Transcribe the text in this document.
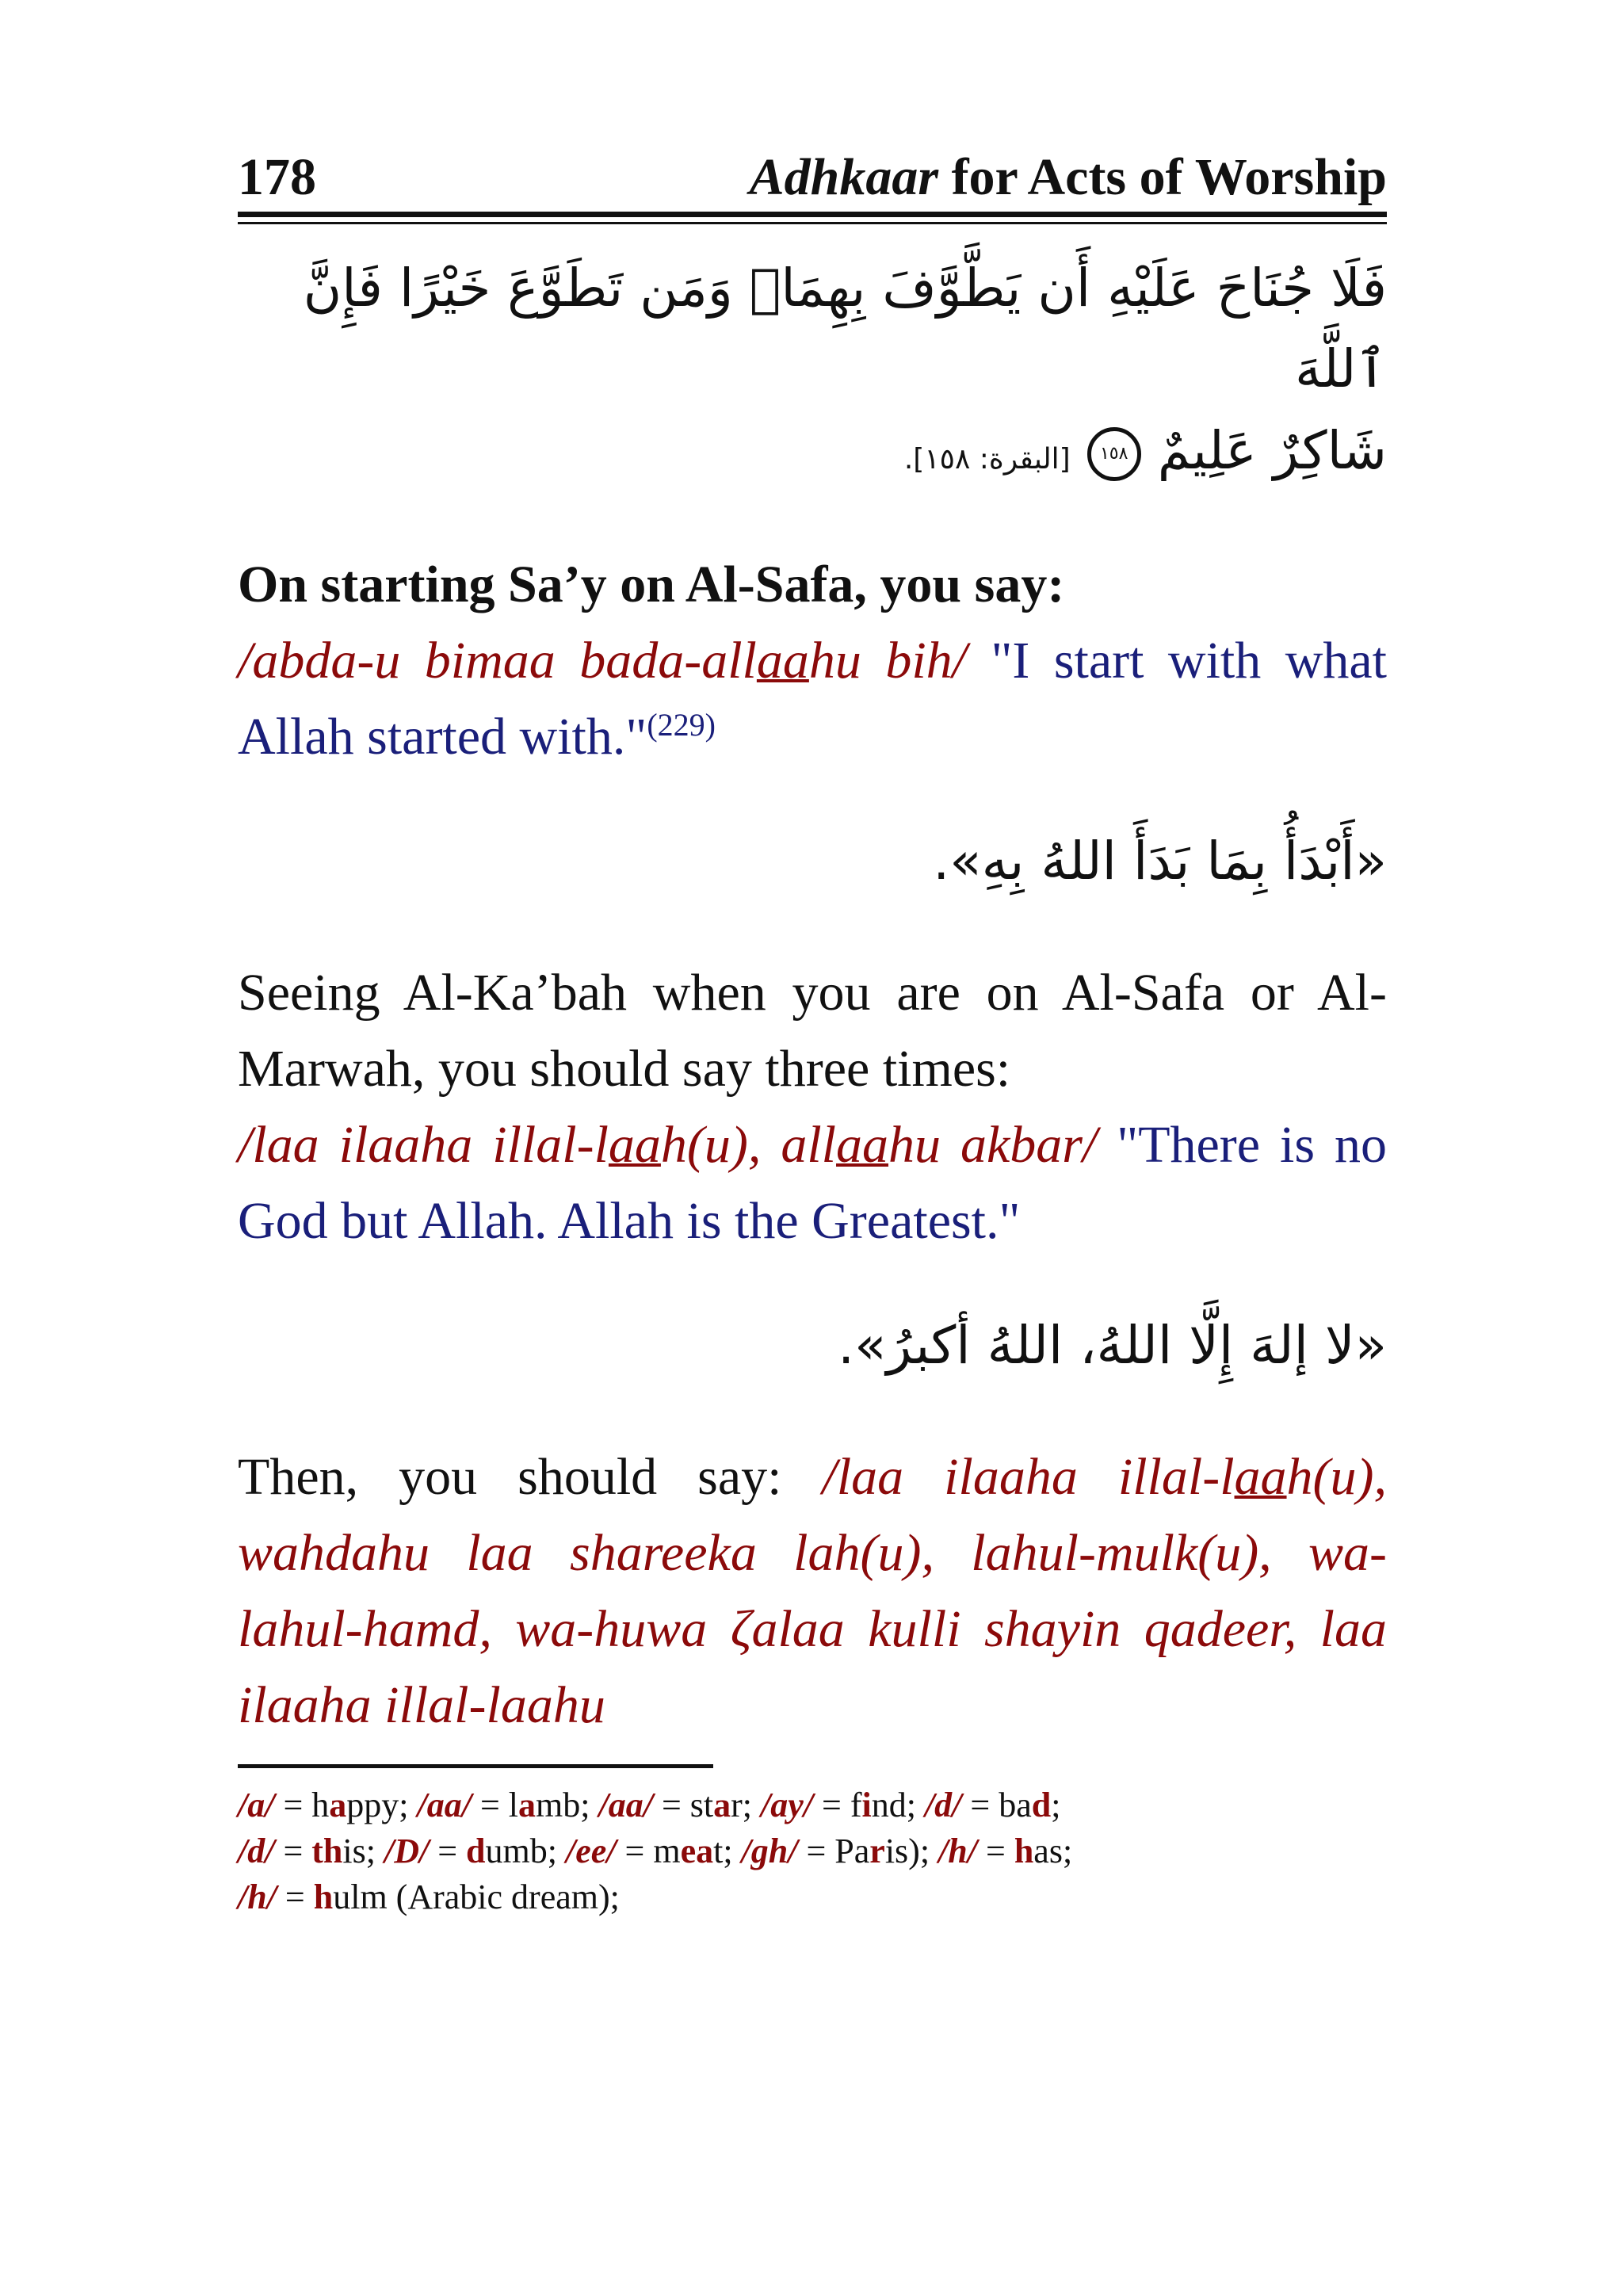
178	Adhkaar for Acts of Worship
فَلَا جُنَاحَ عَلَيْهِ أَن يَطَّوَّفَ بِهِمَاۚ وَمَن تَطَوَّعَ خَيْرًا فَإِنَّ ٱللَّهَ
شَاكِرٌ عَلِيمٌ ١٥٨ [البقرة: ١٥٨].
On starting Sa’y on Al-Safa, you say:
/abda-u bimaa bada-allaahu bih/ "I start with what Allah started with."$^{(229)}$
«أَبْدَأُ بِمَا بَدَأَ اللهُ بِهِ».
Seeing Al-Ka’bah when you are on Al-Safa or Al-Marwah, you should say three times:
/laa ilaaha illal-laah(u), allaahu akbar/ "There is no God but Allah. Allah is the Greatest."
«لا إلهَ إِلَّا اللهُ، اللهُ أكبرُ».
Then, you should say: /laa ilaaha illal-laah(u), wahdahu laa shareeka lah(u), lahul-mulk(u), wa-lahul-hamd, wa-huwa ζalaa kulli shayin qadeer, laa ilaaha illal-laahu
/a/ = happy; /aa/ = lamb; /aa/ = star; /ay/ = find; /d/ = bad;
/d/ = this; /D/ = dumb; /ee/ = meat; /gh/ = Paris); /h/ = has;
/h/ = hulm (Arabic dream);
